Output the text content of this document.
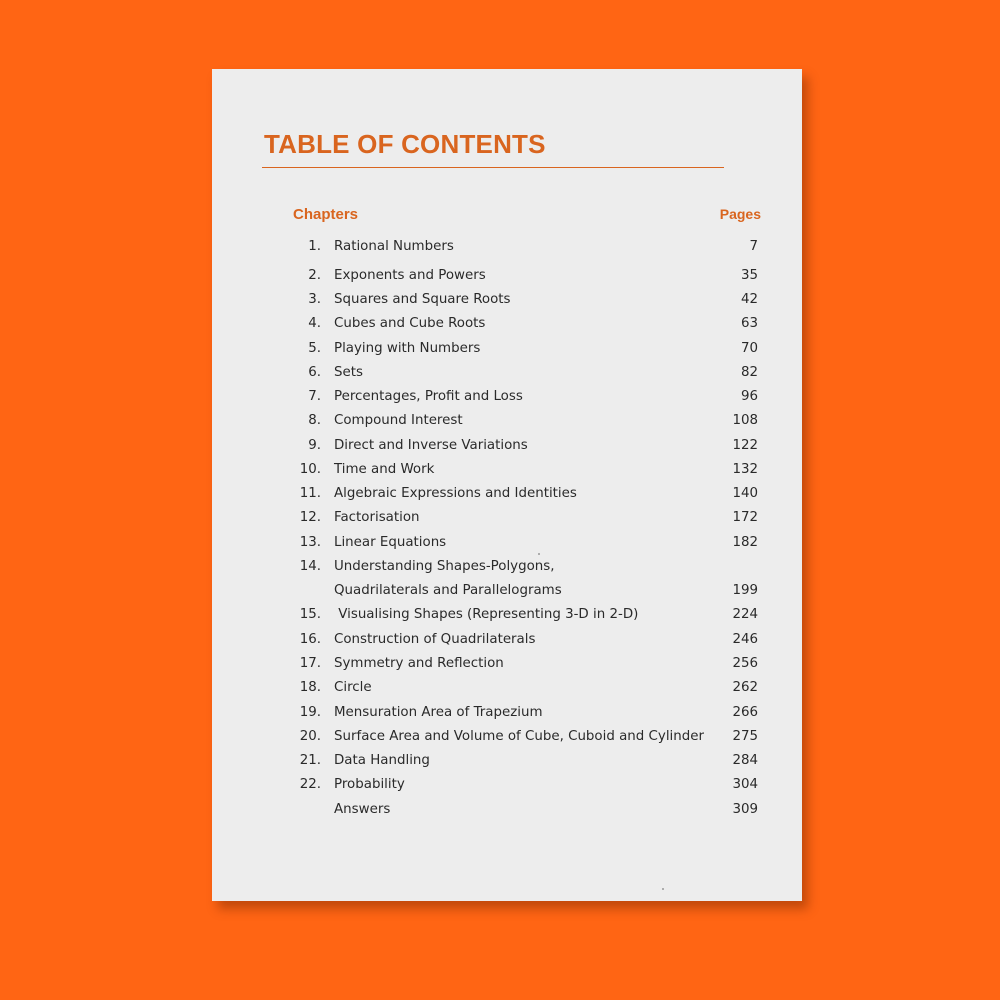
TABLE OF CONTENTS
Chapters	Pages
1. Rational Numbers	7
2. Exponents and Powers	35
3. Squares and Square Roots	42
4. Cubes and Cube Roots	63
5. Playing with Numbers	70
6. Sets	82
7. Percentages, Profit and Loss	96
8. Compound Interest	108
9. Direct and Inverse Variations	122
10. Time and Work	132
11. Algebraic Expressions and Identities	140
12. Factorisation	172
13. Linear Equations	182
14. Understanding Shapes-Polygons,
Quadrilaterals and Parallelograms	199
15. Visualising Shapes (Representing 3-D in 2-D)	224
16. Construction of Quadrilaterals	246
17. Symmetry and Reflection	256
18. Circle	262
19. Mensuration Area of Trapezium	266
20. Surface Area and Volume of Cube, Cuboid and Cylinder 275
21. Data Handling	284
22. Probability	304
Answers	309
